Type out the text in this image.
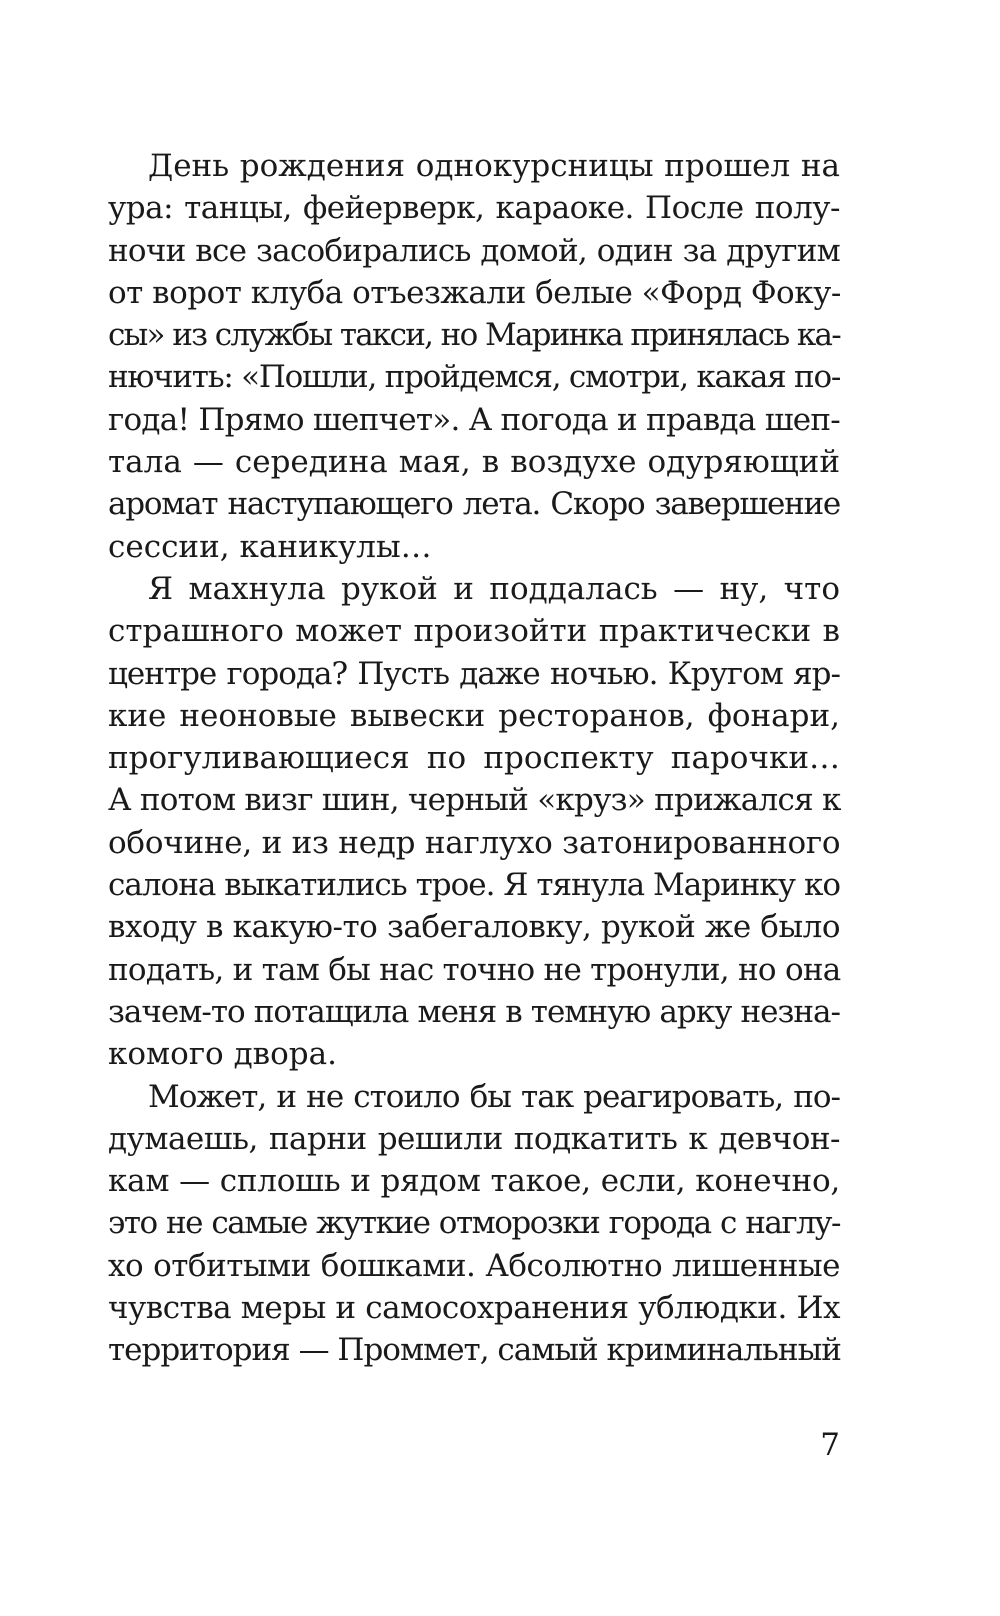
День рождения однокурсницы прошел на
ура: танцы, фейерверк, караоке. После полу-
ночи все засобирались домой, один за другим
от ворот клуба отъезжали белые «Форд Фоку-
сы» из службы такси, но Маринка принялась ка-
нючить: «Пошли, пройдемся, смотри, какая по-
года! Прямо шепчет». А погода и правда шеп-
тала — середина мая, в воздухе одуряющий
аромат наступающего лета. Скоро завершение
сессии, каникулы…
Я махнула рукой и поддалась — ну, что
страшного может произойти практически в
центре города? Пусть даже ночью. Кругом яр-
кие неоновые вывески ресторанов, фонари,
прогуливающиеся по проспекту парочки…
А потом визг шин, черный «круз» прижался к
обочине, и из недр наглухо затонированного
салона выкатились трое. Я тянула Маринку ко
входу в какую-то забегаловку, рукой же было
подать, и там бы нас точно не тронули, но она
зачем-то потащила меня в темную арку незна-
комого двора.
Может, и не стоило бы так реагировать, по-
думаешь, парни решили подкатить к девчон-
кам — сплошь и рядом такое, если, конечно,
это не самые жуткие отморозки города с наглу-
хо отбитыми бошками. Абсолютно лишенные
чувства меры и самосохранения ублюдки. Их
территория — Проммет, самый криминальный
7
